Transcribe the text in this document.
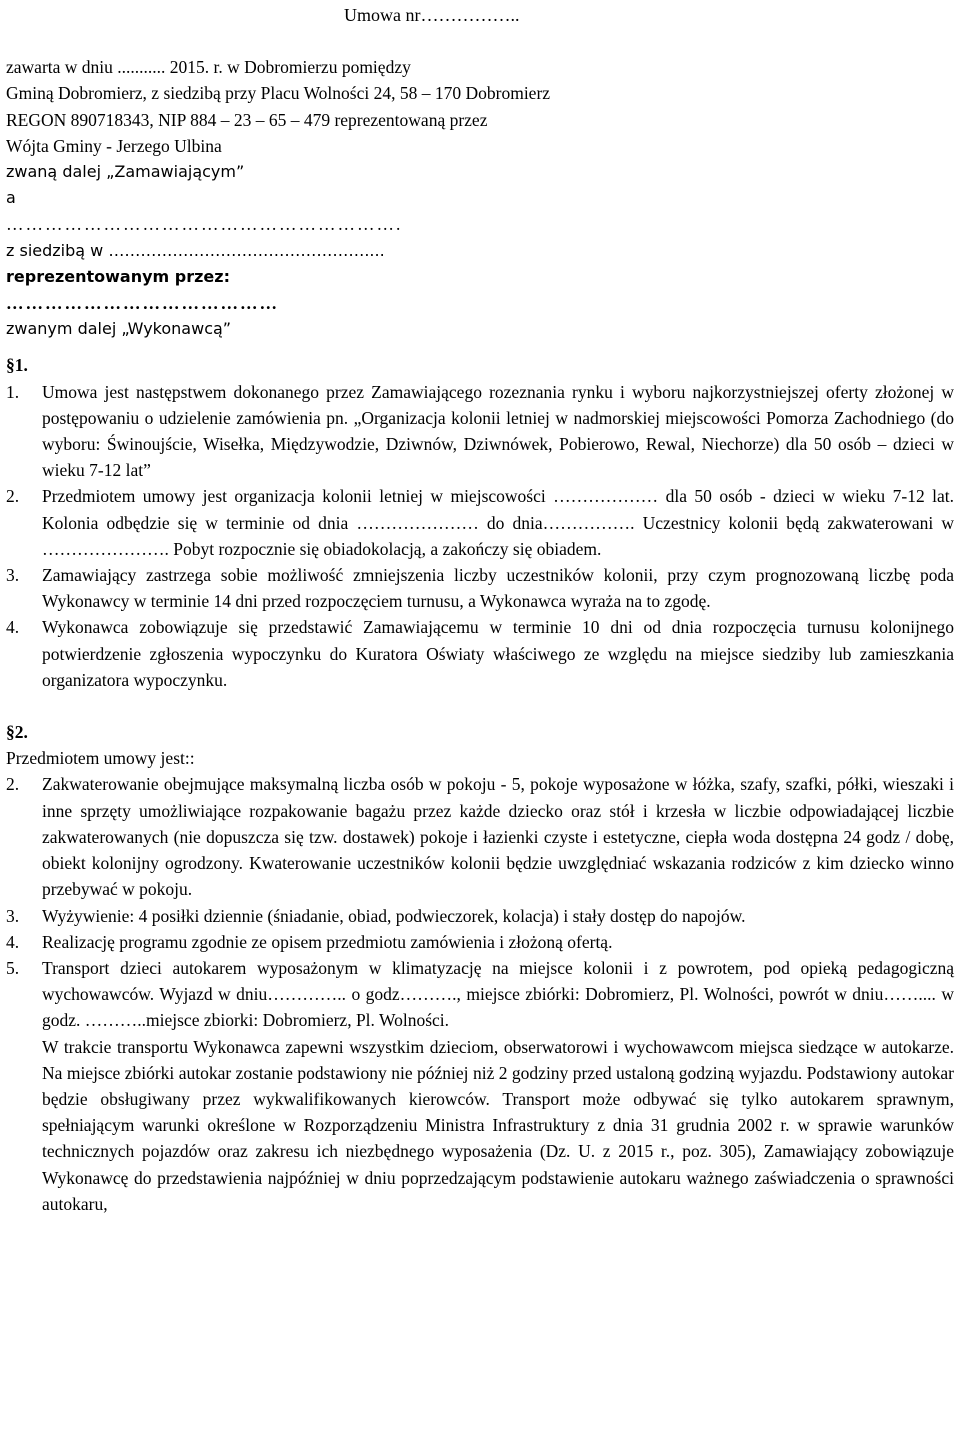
Umowa nr……………..
zawarta w dniu ........... 2015. r. w Dobromierzu pomiędzy
Gminą Dobromierz, z siedzibą przy Placu Wolności 24, 58 – 170 Dobromierz
REGON 890718343, NIP 884 – 23 – 65 – 479 reprezentowaną przez
Wójta Gminy - Jerzego Ulbina
zwaną dalej „Zamawiającym”
a
…………………………………………………….
z siedzibą w …………………………………………....
reprezentowanym przez:
……………………………………
zwanym dalej „Wykonawcą”
§1.
1.	Umowa jest następstwem dokonanego przez Zamawiającego rozeznania rynku i wyboru najkorzystniejszej oferty złożonej w postępowaniu o udzielenie zamówienia pn. „Organizacja kolonii letniej w nadmorskiej miejscowości Pomorza Zachodniego (do wyboru: Świnoujście, Wisełka, Międzywodzie, Dziwnów, Dziwnówek, Pobierowo, Rewal, Niechorze) dla 50 osób – dzieci w wieku 7-12 lat”
2.	Przedmiotem umowy jest organizacja kolonii letniej w miejscowości ……………… dla 50 osób - dzieci w wieku 7-12 lat. Kolonia odbędzie się w terminie od dnia ………………… do dnia……………. Uczestnicy kolonii będą zakwaterowani w …………………. Pobyt rozpocznie się obiadokolacją, a zakończy się obiadem.
3.	Zamawiający zastrzega sobie możliwość zmniejszenia liczby uczestników kolonii, przy czym prognozowaną liczbę poda Wykonawcy w terminie 14 dni przed rozpoczęciem turnusu, a Wykonawca wyraża na to zgodę.
4.	Wykonawca zobowiązuje się przedstawić Zamawiającemu w terminie 10 dni od dnia rozpoczęcia turnusu kolonijnego potwierdzenie zgłoszenia wypoczynku do Kuratora Oświaty właściwego ze względu na miejsce siedziby lub zamieszkania organizatora wypoczynku.
§2.
Przedmiotem umowy jest::
2.	Zakwaterowanie obejmujące maksymalną liczba osób w pokoju - 5, pokoje wyposażone w łóżka, szafy, szafki, półki, wieszaki i inne sprzęty umożliwiające rozpakowanie bagażu przez każde dziecko oraz stół i krzesła w liczbie odpowiadającej liczbie zakwaterowanych (nie dopuszcza się tzw. dostawek) pokoje i łazienki czyste i estetyczne, ciepła woda dostępna 24 godz / dobę, obiekt kolonijny ogrodzony. Kwaterowanie uczestników kolonii będzie uwzględniać wskazania rodziców z kim dziecko winno przebywać w pokoju.
3.	Wyżywienie: 4 posiłki dziennie (śniadanie, obiad, podwieczorek, kolacja) i stały dostęp do napojów.
4.	Realizację programu zgodnie ze opisem przedmiotu zamówienia i złożoną ofertą.
5.	Transport dzieci autokarem wyposażonym w klimatyzację na miejsce kolonii i z powrotem, pod opieką pedagogiczną wychowawców. Wyjazd w dniu………….. o godz………., miejsce zbiórki: Dobromierz, Pl. Wolności, powrót w dniu…….... w godz. ………..miejsce zbiorki: Dobromierz, Pl. Wolności.
W trakcie transportu Wykonawca zapewni wszystkim dzieciom, obserwatorowi i wychowawcom miejsca siedzące w autokarze. Na miejsce zbiórki autokar zostanie podstawiony nie później niż 2 godziny przed ustaloną godziną wyjazdu. Podstawiony autokar będzie obsługiwany przez wykwalifikowanych kierowców. Transport może odbywać się tylko autokarem sprawnym, spełniającym warunki określone w Rozporządzeniu Ministra Infrastruktury z dnia 31 grudnia 2002 r. w sprawie warunków technicznych pojazdów oraz zakresu ich niezbędnego wyposażenia (Dz. U. z 2015 r., poz. 305), Zamawiający zobowiązuje Wykonawcę do przedstawienia najpóźniej w dniu poprzedzającym podstawienie autokaru ważnego zaświadczenia o sprawności autokaru,
